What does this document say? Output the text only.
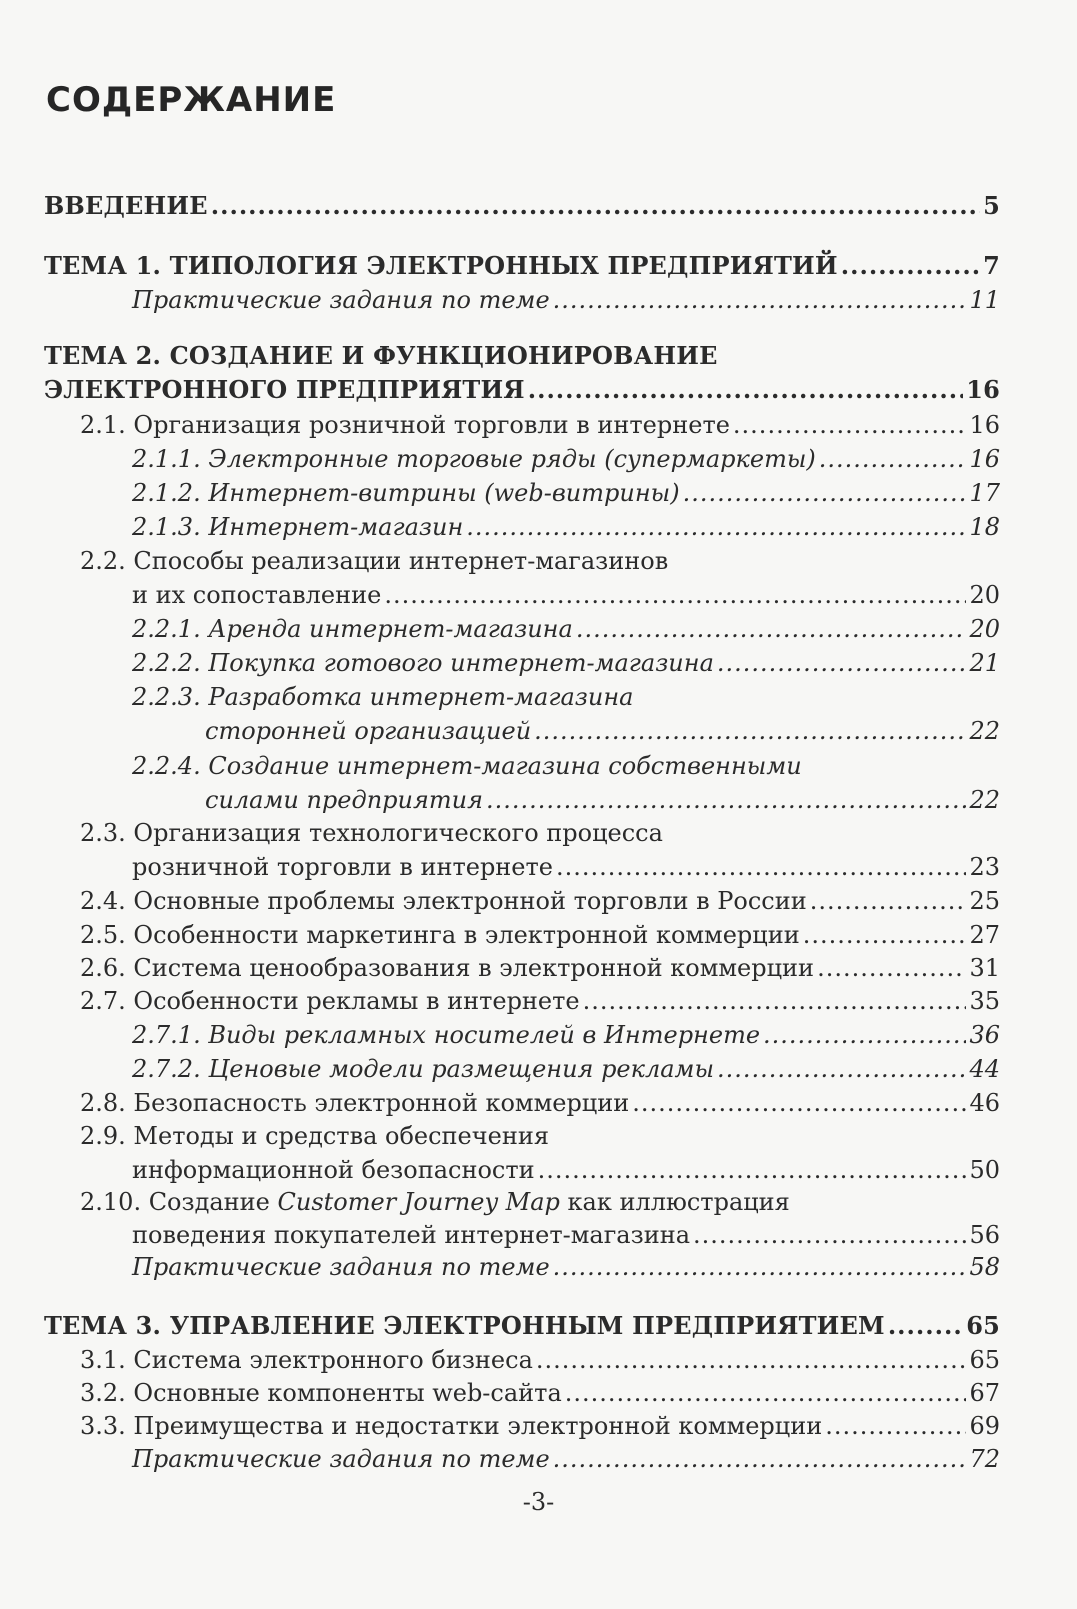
СОДЕРЖАНИЕ
ВВЕДЕНИЕ .....	5
ТЕМА 1. ТИПОЛОГИЯ ЭЛЕКТРОННЫХ ПРЕДПРИЯТИЙ .....	7
Практические задания по теме .....	11
ТЕМА 2. СОЗДАНИЕ И ФУНКЦИОНИРОВАНИЕ
ЭЛЕКТРОННОГО ПРЕДПРИЯТИЯ .....	16
2.1. Организация розничной торговли в интернете .....	16
2.1.1. Электронные торговые ряды (супермаркеты) .....	16
2.1.2. Интернет-витрины (web-витрины) .....	17
2.1.3. Интернет-магазин .....	18
2.2. Способы реализации интернет-магазинов
и их сопоставление .....	20
2.2.1. Аренда интернет-магазина .....	20
2.2.2. Покупка готового интернет-магазина .....	21
2.2.3. Разработка интернет-магазина
сторонней организацией .....	22
2.2.4. Создание интернет-магазина собственными
силами предприятия .....	22
2.3. Организация технологического процесса
розничной торговли в интернете .....	23
2.4. Основные проблемы электронной торговли в России .....	25
2.5. Особенности маркетинга в электронной коммерции .....	27
2.6. Система ценообразования в электронной коммерции .....	31
2.7. Особенности рекламы в интернете .....	35
2.7.1. Виды рекламных носителей в Интернете .....	36
2.7.2. Ценовые модели размещения рекламы .....	44
2.8. Безопасность электронной коммерции .....	46
2.9. Методы и средства обеспечения
информационной безопасности .....	50
2.10. Создание Customer Journey Map как иллюстрация
поведения покупателей интернет-магазина .....	56
Практические задания по теме .....	58
ТЕМА 3. УПРАВЛЕНИЕ ЭЛЕКТРОННЫМ ПРЕДПРИЯТИЕМ .....	65
3.1. Система электронного бизнеса .....	65
3.2. Основные компоненты web-сайта .....	67
3.3. Преимущества и недостатки электронной коммерции .....	69
Практические задания по теме .....	72
-3-
